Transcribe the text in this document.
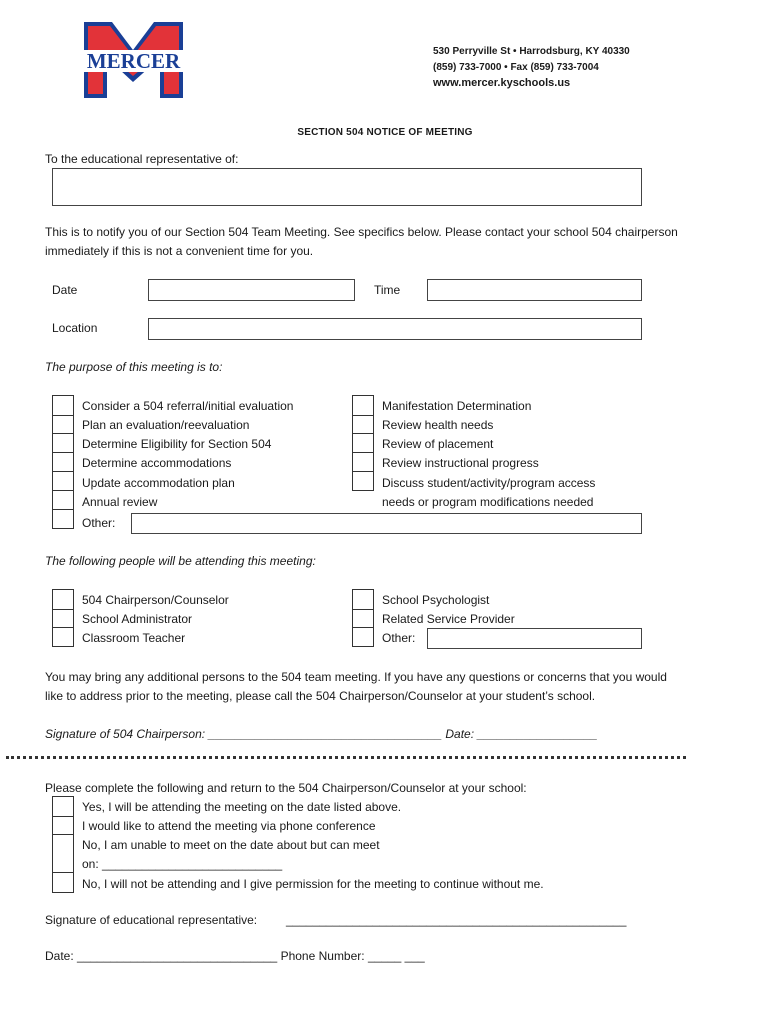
MERCER	530 Perryville St • Harrodsburg, KY 40330
(859) 733-7000 • Fax (859) 733-7004
www.mercer.kyschools.us
SECTION 504 NOTICE OF MEETING
To the educational representative of:
This is to notify you of our Section 504 Team Meeting. See specifics below. Please contact your school 504 chairperson
immediately if this is not a convenient time for you.
Date	Time
Location
The purpose of this meeting is to:
Consider a 504 referral/initial evaluation
Plan an evaluation/reevaluation
Determine Eligibility for Section 504
Determine accommodations
Update accommodation plan
Annual review
Other:
Manifestation Determination
Review health needs
Review of placement
Review instructional progress
Discuss student/activity/program access
needs or program modifications needed
The following people will be attending this meeting:
504 Chairperson/Counselor
School Administrator
Classroom Teacher
School Psychologist
Related Service Provider
Other:
You may bring any additional persons to the 504 team meeting. If you have any questions or concerns that you would
like to address prior to the meeting, please call the 504 Chairperson/Counselor at your student’s school.
Signature of 504 Chairperson: ___________________________________ Date: __________________
Please complete the following and return to the 504 Chairperson/Counselor at your school:
Yes, I will be attending the meeting on the date listed above.
I would like to attend the meeting via phone conference
No, I am unable to meet on the date about but can meet
on: ___________________________
No, I will not be attending and I give permission for the meeting to continue without me.
Signature of educational representative: ___________________________________________________
Date: ______________________________ Phone Number: _____ ___
